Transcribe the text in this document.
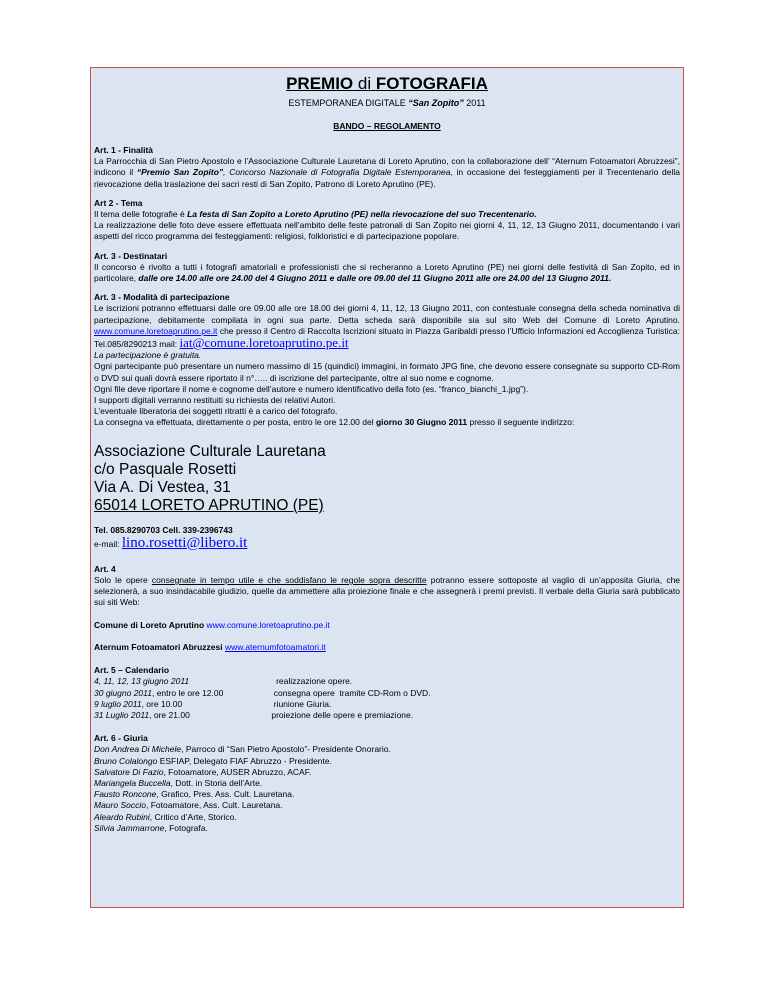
PREMIO di FOTOGRAFIA
ESTEMPORANEA DIGITALE “San Zopito” 2011
BANDO – REGOLAMENTO
Art. 1 - Finalità

La Parrocchia di San Pietro Apostolo e l’Associazione Culturale Lauretana di Loreto Aprutino, con la collaborazione dell’ “Aternum Fotoamatori Abruzzesi”, indicono il “Premio San Zopito”, Concorso Nazionale di Fotografia Digitale Estemporanea, in occasione dei festeggiamenti per il Trecentenario della rievocazione della traslazione dei sacri resti di San Zopito, Patrono di Loreto Aprutino (PE).

Art 2 - Tema

Il tema delle fotografie è La festa di San Zopito a Loreto Aprutino (PE) nella rievocazione del suo Trecentenario.

La realizzazione delle foto deve essere effettuata nell’ambito delle feste patronali di San Zopito nei giorni 4, 11, 12, 13 Giugno 2011, documentando i vari aspetti del ricco programma dei festeggiamenti: religiosi, folkloristici e di partecipazione popolare.

Art. 3 - Destinatari

Il concorso è rivolto a tutti i fotografi amatoriali e professionisti che si recheranno a Loreto Aprutino (PE) nei giorni delle festività di San Zopito, ed in particolare, dalle ore 14.00 alle ore 24.00 del 4 Giugno 2011 e dalle ore 09.00 del 11 Giugno 2011 alle ore 24.00 del 13 Giugno 2011.

Art. 3 - Modalità di partecipazione

Le iscrizioni potranno effettuarsi dalle ore 09.00 alle ore 18.00 dei giorni 4, 11, 12, 13 Giugno 2011, con contestuale consegna della scheda nominativa di partecipazione, debitamente compilata in ogni sua parte. Detta scheda sarà disponibile sia sul sito Web del Comune di Loreto Aprutino. www.comune.loretoaprutino.pe.it che presso il Centro di Raccolta Iscrizioni situato in Piazza Garibaldi presso l’Ufficio Informazioni ed Accoglienza Turistica: Tel.085/8290213 mail: iat@comune.loretoaprutino.pe.it

La partecipazione è gratuita.

Ogni partecipante può presentare un numero massimo di 15 (quindici) immagini, in formato JPG fine, che devono essere consegnate su supporto CD-Rom o DVD sui quali dovrà essere riportato il n°….. di iscrizione del partecipante, oltre al suo nome e cognome.

Ogni file deve riportare il nome e cognome dell’autore e numero identificativo della foto (es. “franco_bianchi_1.jpg”).

I supporti digitali verranno restituiti su richiesta dei relativi Autori.

L’eventuale liberatoria dei soggetti ritratti è a carico del fotografo.

La consegna va effettuata, direttamente o per posta, entro le ore 12.00 del giorno 30 Giugno 2011 presso il seguente indirizzo:

Associazione Culturale Lauretana
c/o Pasquale Rosetti
Via A. Di Vestea, 31
65014 LORETO APRUTINO (PE)
Tel. 085.8290703 Cell. 339-2396743
e-mail: lino.rosetti@libero.it
Art. 4

Solo le opere consegnate in tempo utile e che soddisfano le regole sopra descritte potranno essere sottoposte al vaglio di un’apposita Giuria, che selezionerà, a suo insindacabile giudizio, quelle da ammettere alla proiezione finale e che assegnerà i premi previsti. Il verbale della Giuria sarà pubblicato sui siti Web:

Comune di Loreto Aprutino www.comune.loretoaprutino.pe.it

Aternum Fotoamatori Abruzzesi www.aternumfotoamatori.it

Art. 5 – Calendario
4, 11, 12, 13 giugno 2011	realizzazione opere.
30 giugno 2011, entro le ore 12.00	consegna opere  tramite CD-Rom o DVD.
9 luglio 2011, ore 10.00	riunione Giuria.
31 Luglio 2011, ore 21.00	proiezione delle opere e premiazione.
Art. 6 - Giuria

Don Andrea Di Michele, Parroco di “San Pietro Apostolo”- Presidente Onorario.

Bruno Colalongo ESFIAP, Delegato FIAF Abruzzo - Presidente.

Salvatore Di Fazio, Fotoamatore, AUSER Abruzzo, ACAF.

Mariangela Buccella, Dott. in Storia dell’Arte.

Fausto Roncone, Grafico, Pres. Ass. Cult. Lauretana.

Mauro Soccio, Fotoamatore, Ass. Cult. Lauretana.

Aleardo Rubini, Critico d’Arte, Storico.

Silvia Jammarrone, Fotografa.
